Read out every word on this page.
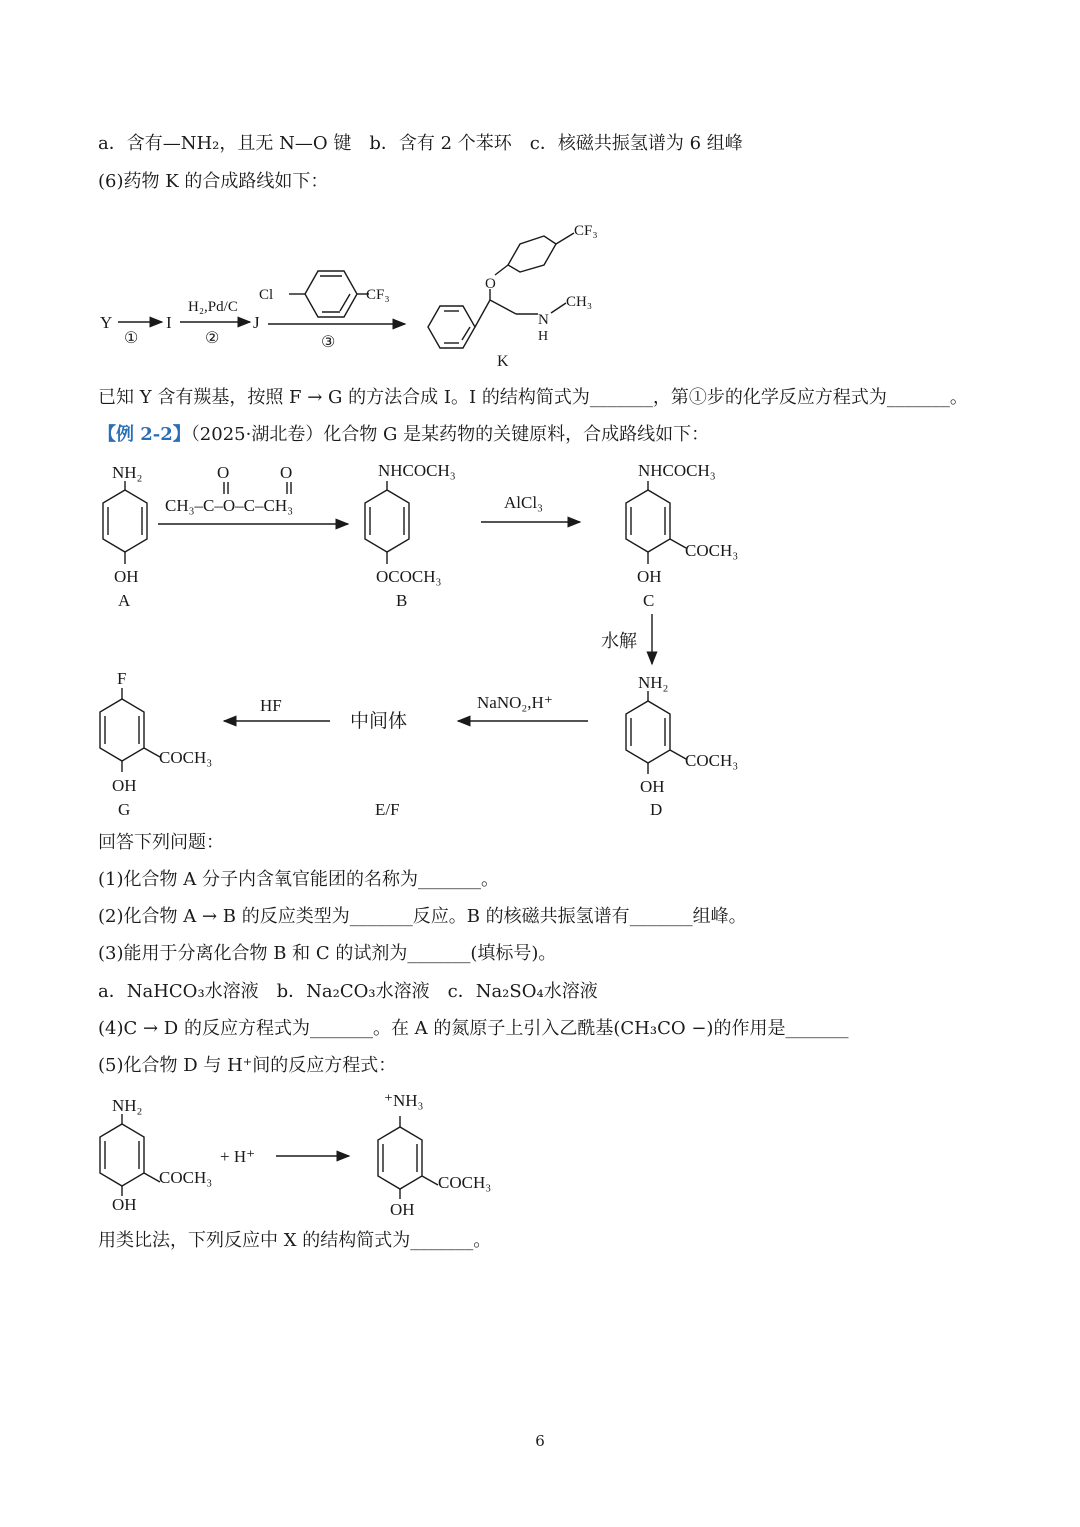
a．含有—NH₂，且无 N—O 键　b．含有 2 个苯环　c．核磁共振氢谱为 6 组峰
(6)药物 K 的合成路线如下：
已知 Y 含有羰基，按照 F → G 的方法合成 I。I 的结构简式为_______，第①步的化学反应方程式为_______。
【例 2-2】（2025·湖北卷）化合物 G 是某药物的关键原料，合成路线如下：
回答下列问题：
(1)化合物 A 分子内含氧官能团的名称为_______。
(2)化合物 A → B 的反应类型为_______反应。B 的核磁共振氢谱有_______组峰。
(3)能用于分离化合物 B 和 C 的试剂为_______(填标号)。
a．NaHCO₃水溶液　b．Na₂CO₃水溶液　c．Na₂SO₄水溶液
(4)C → D 的反应方程式为_______。在 A 的氮原子上引入乙酰基(CH₃CO −)的作用是_______
(5)化合物 D 与 H⁺间的反应方程式：
用类比法，下列反应中 X 的结构简式为_______。
Y
①
I
H₂,Pd/C
②
J
Cl	CF₃
③
O
N
H
CH₃
CF₃
K
NH₂
OH
A
O	O
CH₃–C–O–C–CH₃
NHCOCH₃
OCOCH₃
B
AlCl₃
NHCOCH₃
COCH₃
OH
C
水解
NH₂
COCH₃
OH
D
NaNO₂,H⁺
中间体
E/F
HF
F
COCH₃
OH
G
NH₂
COCH₃
OH
+ H⁺
⁺NH₃
COCH₃
OH
6
